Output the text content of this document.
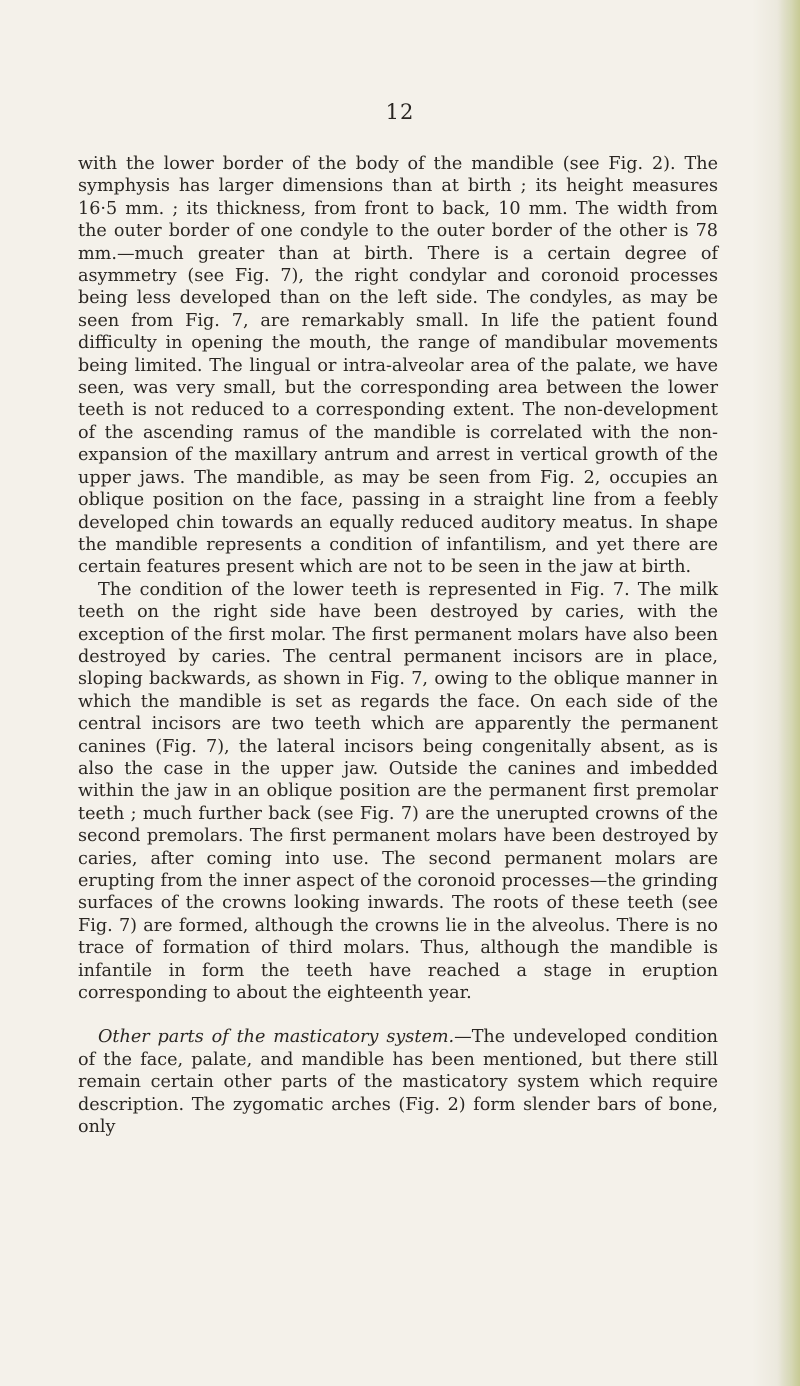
12

with the lower border of the body of the mandible (see Fig. 2). The symphysis has larger dimensions than at birth ; its height measures 16·5 mm. ; its thickness, from front to back, 10 mm. The width from the outer border of one condyle to the outer border of the other is 78 mm.—much greater than at birth. There is a certain degree of asymmetry (see Fig. 7), the right condylar and coronoid processes being less developed than on the left side. The condyles, as may be seen from Fig. 7, are remarkably small. In life the patient found difficulty in opening the mouth, the range of mandibular movements being limited. The lingual or intra-alveolar area of the palate, we have seen, was very small, but the corresponding area between the lower teeth is not reduced to a corresponding extent. The non-development of the ascending ramus of the mandible is correlated with the non-expansion of the maxillary antrum and arrest in vertical growth of the upper jaws. The mandible, as may be seen from Fig. 2, occupies an oblique position on the face, passing in a straight line from a feebly developed chin towards an equally reduced auditory meatus. In shape the mandible represents a condition of infantilism, and yet there are certain features present which are not to be seen in the jaw at birth.

The condition of the lower teeth is represented in Fig. 7. The milk teeth on the right side have been destroyed by caries, with the exception of the first molar. The first permanent molars have also been destroyed by caries. The central permanent incisors are in place, sloping backwards, as shown in Fig. 7, owing to the oblique manner in which the mandible is set as regards the face. On each side of the central incisors are two teeth which are apparently the permanent canines (Fig. 7), the lateral incisors being congenitally absent, as is also the case in the upper jaw. Outside the canines and imbedded within the jaw in an oblique position are the permanent first premolar teeth ; much further back (see Fig. 7) are the unerupted crowns of the second premolars. The first permanent molars have been destroyed by caries, after coming into use. The second permanent molars are erupting from the inner aspect of the coronoid processes—the grinding surfaces of the crowns looking inwards. The roots of these teeth (see Fig. 7) are formed, although the crowns lie in the alveolus. There is no trace of formation of third molars. Thus, although the mandible is infantile in form the teeth have reached a stage in eruption corresponding to about the eighteenth year.

Other parts of the masticatory system.—The undeveloped condition of the face, palate, and mandible has been mentioned, but there still remain certain other parts of the masticatory system which require description. The zygomatic arches (Fig. 2) form slender bars of bone, only
